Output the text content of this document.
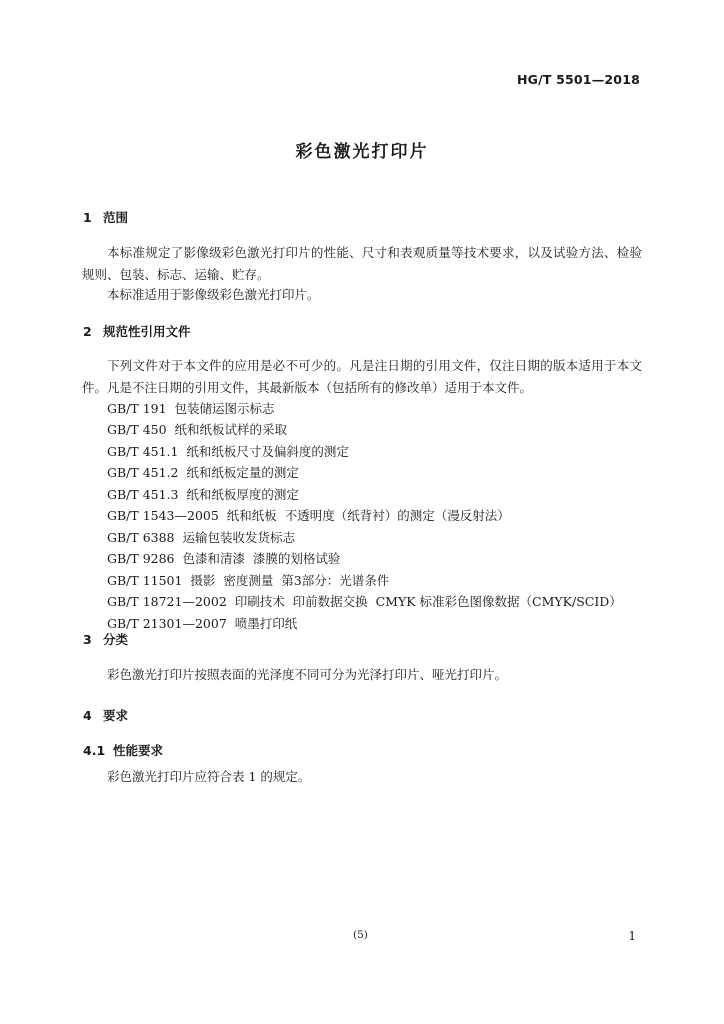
HG/T 5501—2018
彩色激光打印片
1 范围
本标准规定了影像级彩色激光打印片的性能、尺寸和表观质量等技术要求，以及试验方法、检验规则、包装、标志、运输、贮存。
本标准适用于影像级彩色激光打印片。
2 规范性引用文件
下列文件对于本文件的应用是必不可少的。凡是注日期的引用文件，仅注日期的版本适用于本文件。凡是不注日期的引用文件，其最新版本（包括所有的修改单）适用于本文件。
GB/T 191  包装储运图示标志
GB/T 450  纸和纸板试样的采取
GB/T 451.1  纸和纸板尺寸及偏斜度的测定
GB/T 451.2  纸和纸板定量的测定
GB/T 451.3  纸和纸板厚度的测定
GB/T 1543—2005  纸和纸板  不透明度（纸背衬）的测定（漫反射法）
GB/T 6388  运输包装收发货标志
GB/T 9286  色漆和清漆  漆膜的划格试验
GB/T 11501  摄影  密度测量  第3部分：光谱条件
GB/T 18721—2002  印刷技术  印前数据交换  CMYK 标准彩色图像数据（CMYK/SCID）
GB/T 21301—2007  喷墨打印纸
3 分类
彩色激光打印片按照表面的光泽度不同可分为光泽打印片、哑光打印片。
4 要求
4.1 性能要求
彩色激光打印片应符合表 1 的规定。
(5)	1
